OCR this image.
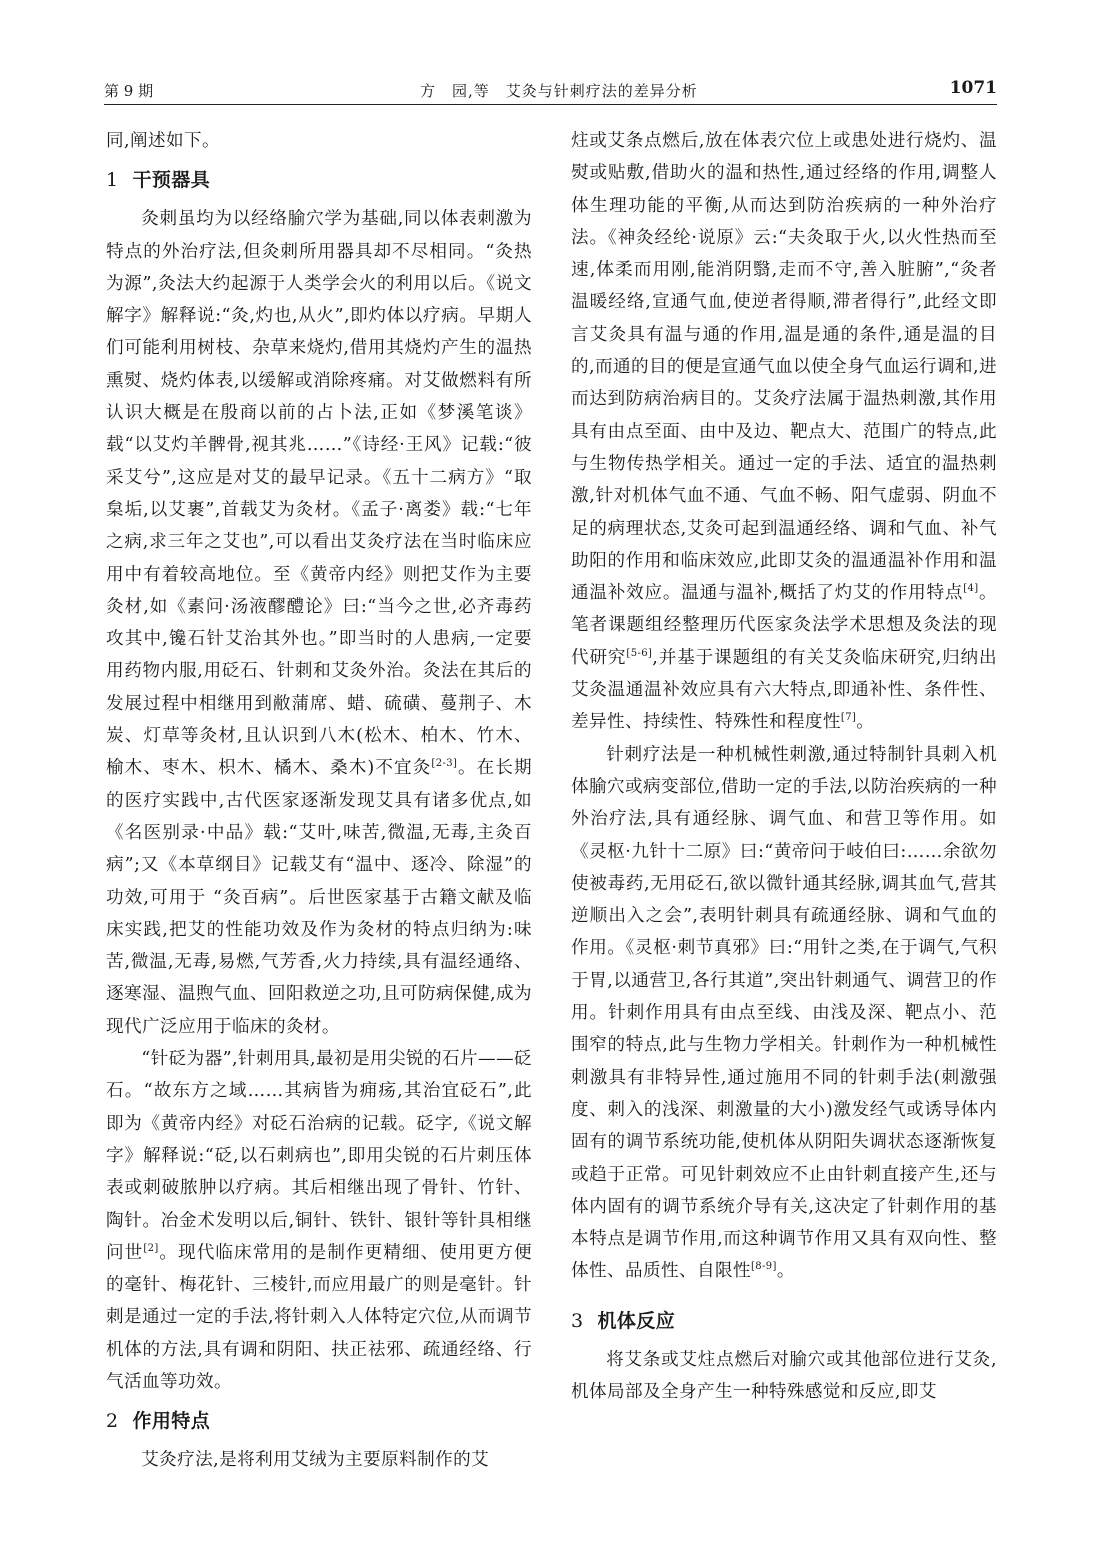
第 9 期	方　园,等　艾灸与针刺疗法的差异分析	1071

同,阐述如下。

1 干预器具

灸刺虽均为以经络腧穴学为基础,同以体表刺激为特点的外治疗法,但灸刺所用器具却不尽相同。“灸热为源”,灸法大约起源于人类学会火的利用以后。《说文解字》解释说:“灸,灼也,从火”,即灼体以疗病。早期人们可能利用树枝、杂草来烧灼,借用其烧灼产生的温热熏熨、烧灼体表,以缓解或消除疼痛。对艾做燃料有所认识大概是在殷商以前的占卜法,正如《梦溪笔谈》载“以艾灼羊髀骨,视其兆……”《诗经·王风》记载:“彼采艾兮”,这应是对艾的最早记录。《五十二病方》“取枲垢,以艾裹”,首载艾为灸材。《孟子·离娄》载:“七年之病,求三年之艾也”,可以看出艾灸疗法在当时临床应用中有着较高地位。至《黄帝内经》则把艾作为主要灸材,如《素问·汤液醪醴论》曰:“当今之世,必齐毒药攻其中,镵石针艾治其外也。”即当时的人患病,一定要用药物内服,用砭石、针刺和艾灸外治。灸法在其后的发展过程中相继用到敝蒲席、蜡、硫磺、蔓荆子、木炭、灯草等灸材,且认识到八木(松木、柏木、竹木、榆木、枣木、枳木、橘木、桑木)不宜灸[2-3]。在长期的医疗实践中,古代医家逐渐发现艾具有诸多优点,如《名医别录·中品》载:“艾叶,味苦,微温,无毒,主灸百病”;又《本草纲目》记载艾有“温中、逐冷、除湿”的功效,可用于 “灸百病”。后世医家基于古籍文献及临床实践,把艾的性能功效及作为灸材的特点归纳为:味苦,微温,无毒,易燃,气芳香,火力持续,具有温经通络、逐寒湿、温煦气血、回阳救逆之功,且可防病保健,成为现代广泛应用于临床的灸材。

“针砭为器”,针刺用具,最初是用尖锐的石片——砭石。“故东方之域……其病皆为痈疡,其治宜砭石”,此即为《黄帝内经》对砭石治病的记载。砭字,《说文解字》解释说:“砭,以石刺病也”,即用尖锐的石片刺压体表或刺破脓肿以疗病。其后相继出现了骨针、竹针、陶针。冶金术发明以后,铜针、铁针、银针等针具相继问世[2]。现代临床常用的是制作更精细、使用更方便的毫针、梅花针、三棱针,而应用最广的则是毫针。针刺是通过一定的手法,将针刺入人体特定穴位,从而调节机体的方法,具有调和阴阳、扶正祛邪、疏通经络、行气活血等功效。

2 作用特点

艾灸疗法,是将利用艾绒为主要原料制作的艾

炷或艾条点燃后,放在体表穴位上或患处进行烧灼、温熨或贴敷,借助火的温和热性,通过经络的作用,调整人体生理功能的平衡,从而达到防治疾病的一种外治疗法。《神灸经纶·说原》云:“夫灸取于火,以火性热而至速,体柔而用刚,能消阴翳,走而不守,善入脏腑”,“灸者温暖经络,宣通气血,使逆者得顺,滞者得行”,此经文即言艾灸具有温与通的作用,温是通的条件,通是温的目的,而通的目的便是宣通气血以使全身气血运行调和,进而达到防病治病目的。艾灸疗法属于温热刺激,其作用具有由点至面、由中及边、靶点大、范围广的特点,此与生物传热学相关。通过一定的手法、适宜的温热刺激,针对机体气血不通、气血不畅、阳气虚弱、阴血不足的病理状态,艾灸可起到温通经络、调和气血、补气助阳的作用和临床效应,此即艾灸的温通温补作用和温通温补效应。温通与温补,概括了灼艾的作用特点[4]。笔者课题组经整理历代医家灸法学术思想及灸法的现代研究[5-6],并基于课题组的有关艾灸临床研究,归纳出艾灸温通温补效应具有六大特点,即通补性、条件性、差异性、持续性、特殊性和程度性[7]。

针刺疗法是一种机械性刺激,通过特制针具刺入机体腧穴或病变部位,借助一定的手法,以防治疾病的一种外治疗法,具有通经脉、调气血、和营卫等作用。如《灵枢·九针十二原》曰:“黄帝问于岐伯曰:……余欲勿使被毒药,无用砭石,欲以微针通其经脉,调其血气,营其逆顺出入之会”,表明针刺具有疏通经脉、调和气血的作用。《灵枢·刺节真邪》曰:“用针之类,在于调气,气积于胃,以通营卫,各行其道”,突出针刺通气、调营卫的作用。针刺作用具有由点至线、由浅及深、靶点小、范围窄的特点,此与生物力学相关。针刺作为一种机械性刺激具有非特异性,通过施用不同的针刺手法(刺激强度、刺入的浅深、刺激量的大小)激发经气或诱导体内固有的调节系统功能,使机体从阴阳失调状态逐渐恢复或趋于正常。可见针刺效应不止由针刺直接产生,还与体内固有的调节系统介导有关,这决定了针刺作用的基本特点是调节作用,而这种调节作用又具有双向性、整体性、品质性、自限性[8-9]。

3 机体反应

将艾条或艾炷点燃后对腧穴或其他部位进行艾灸,机体局部及全身产生一种特殊感觉和反应,即艾
